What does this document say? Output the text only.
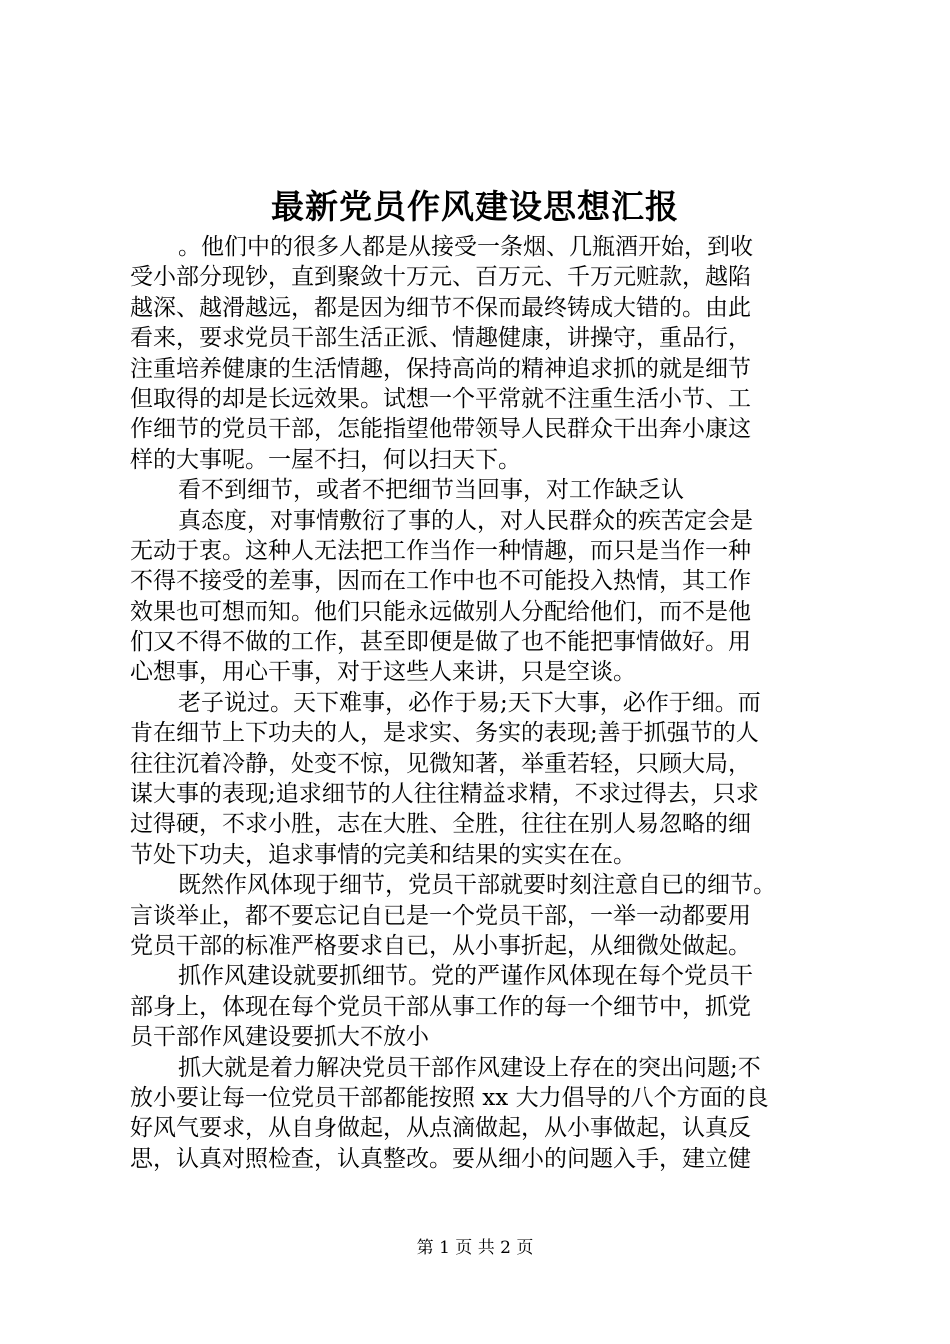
最新党员作风建设思想汇报
。他们中的很多人都是从接受一条烟、几瓶酒开始，到收
受小部分现钞，直到聚敛十万元、百万元、千万元赃款，越陷
越深、越滑越远，都是因为细节不保而最终铸成大错的。由此
看来，要求党员干部生活正派、情趣健康，讲操守，重品行，
注重培养健康的生活情趣，保持高尚的精神追求抓的就是细节
但取得的却是长远效果。试想一个平常就不注重生活小节、工
作细节的党员干部，怎能指望他带领导人民群众干出奔小康这
样的大事呢。一屋不扫，何以扫天下。
看不到细节，或者不把细节当回事，对工作缺乏认
真态度，对事情敷衍了事的人，对人民群众的疾苦定会是
无动于衷。这种人无法把工作当作一种情趣，而只是当作一种
不得不接受的差事，因而在工作中也不可能投入热情，其工作
效果也可想而知。他们只能永远做别人分配给他们，而不是他
们又不得不做的工作，甚至即便是做了也不能把事情做好。用
心想事，用心干事，对于这些人来讲，只是空谈。
老子说过。天下难事，必作于易;天下大事，必作于细。而
肯在细节上下功夫的人，是求实、务实的表现;善于抓强节的人
往往沉着冷静，处变不惊，见微知著，举重若轻，只顾大局，
谋大事的表现;追求细节的人往往精益求精，不求过得去，只求
过得硬，不求小胜，志在大胜、全胜，往往在别人易忽略的细
节处下功夫，追求事情的完美和结果的实实在在。
既然作风体现于细节，党员干部就要时刻注意自已的细节。
言谈举止，都不要忘记自已是一个党员干部，一举一动都要用
党员干部的标准严格要求自已，从小事折起，从细微处做起。
抓作风建设就要抓细节。党的严谨作风体现在每个党员干
部身上，体现在每个党员干部从事工作的每一个细节中，抓党
员干部作风建设要抓大不放小
抓大就是着力解决党员干部作风建设上存在的突出问题;不
放小要让每一位党员干部都能按照 xx 大力倡导的八个方面的良
好风气要求，从自身做起，从点滴做起，从小事做起，认真反
思，认真对照检查，认真整改。要从细小的问题入手，建立健
第 1 页 共 2 页
